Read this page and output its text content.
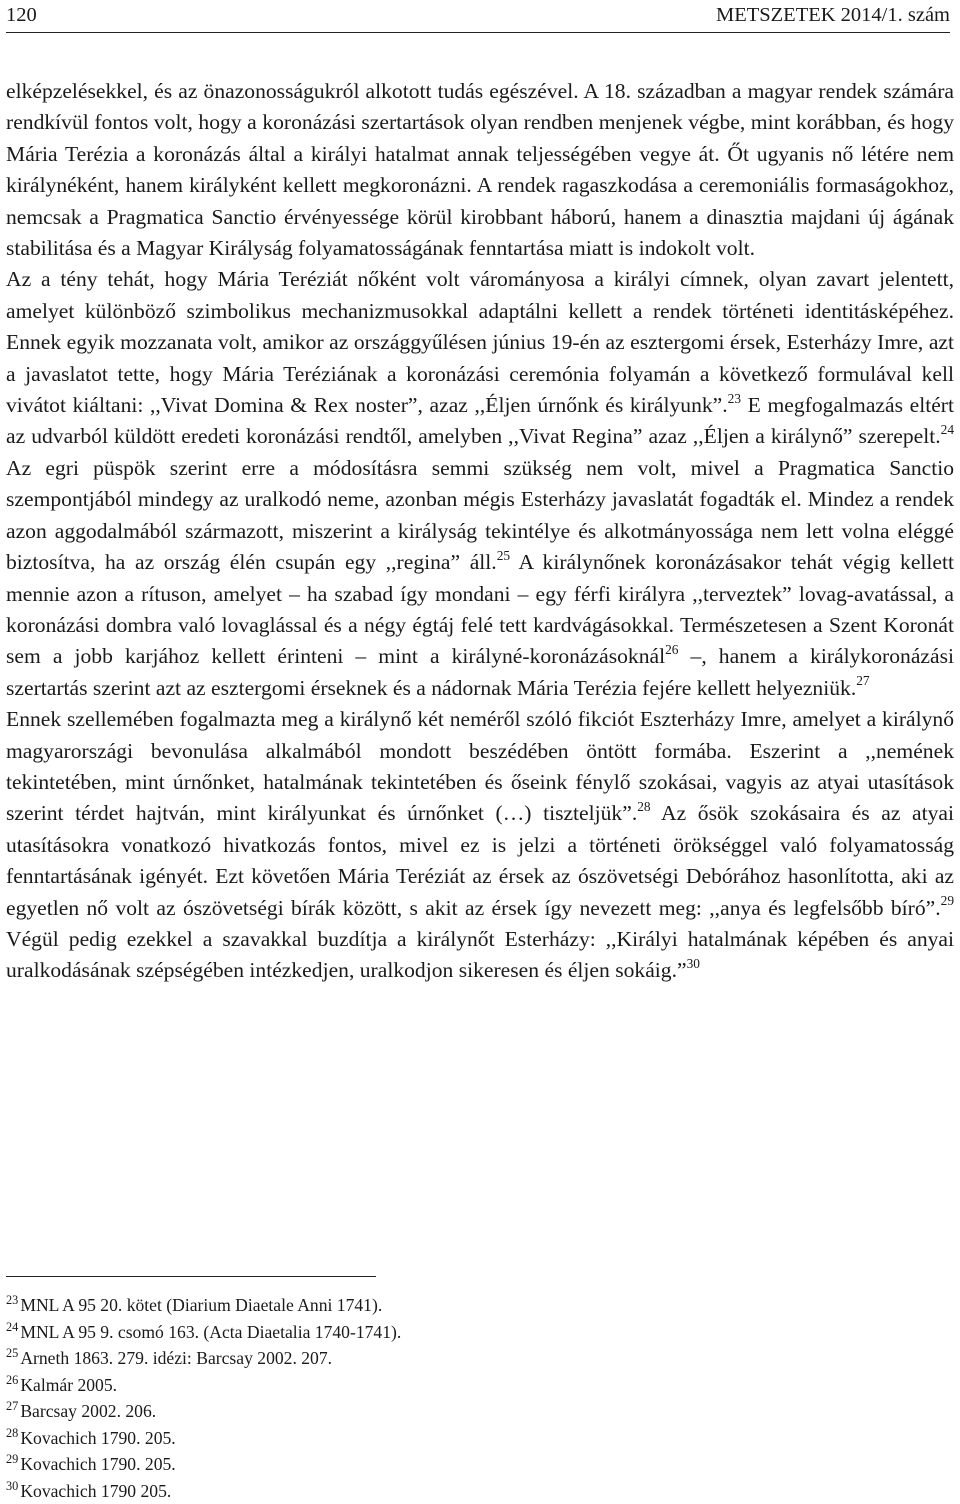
120	METSZETEK 2014/1. szám

elképzelésekkel, és az önazonosságukról alkotott tudás egészével. A 18. században a magyar rendek számára rendkívül fontos volt, hogy a koronázási szertartások olyan rendben menjenek végbe, mint korábban, és hogy Mária Terézia a koronázás által a királyi hatalmat annak teljességében vegye át. Őt ugyanis nő létére nem királynéként, hanem királyként kellett megkoronázni. A rendek ragaszkodása a ceremoniális formaságokhoz, nemcsak a Pragmatica Sanctio érvényessége körül kirobbant háború, hanem a dinasztia majdani új ágának stabilitása és a Magyar Királyság folyamatosságának fenntartása miatt is indokolt volt.

Az a tény tehát, hogy Mária Teréziát nőként volt várományosa a királyi címnek, olyan zavart jelentett, amelyet különböző szimbolikus mechanizmusokkal adaptálni kellett a rendek történeti identitásképéhez. Ennek egyik mozzanata volt, amikor az országgyűlésen június 19-én az esztergomi érsek, Esterházy Imre, azt a javaslatot tette, hogy Mária Teréziának a koronázási ceremónia folyamán a következő formulával kell vivátot kiáltani: ,,Vivat Domina & Rex noster”, azaz ,,Éljen úrnőnk és királyunk”.$^{23}$ E megfogalmazás eltért az udvarból küldött eredeti koronázási rendtől, amelyben ,,Vivat Regina” azaz ,,Éljen a királynő” szerepelt.$^{24}$ Az egri püspök szerint erre a módosításra semmi szükség nem volt, mivel a Pragmatica Sanctio szempontjából mindegy az uralkodó neme, azonban mégis Esterházy javaslatát fogadták el. Mindez a rendek azon aggodalmából származott, miszerint a királyság tekintélye és alkotmányossága nem lett volna eléggé biztosítva, ha az ország élén csupán egy ,,regina” áll.$^{25}$ A királynőnek koronázásakor tehát végig kellett mennie azon a rítuson, amelyet – ha szabad így mondani – egy férfi királyra ,,terveztek” lovag-avatással, a koronázási dombra való lovaglással és a négy égtáj felé tett kardvágásokkal. Természetesen a Szent Koronát sem a jobb karjához kellett érinteni – mint a királyné-koronázásoknál$^{26}$ –, hanem a királykoronázási szertartás szerint azt az esztergomi érseknek és a nádornak Mária Terézia fejére kellett helyezniük.$^{27}$

Ennek szellemében fogalmazta meg a királynő két neméről szóló fikciót Eszterházy Imre, amelyet a királynő magyarországi bevonulása alkalmából mondott beszédében öntött formába. Eszerint a ,,nemének tekintetében, mint úrnőnket, hatalmának tekintetében és őseink fénylő szokásai, vagyis az atyai utasítások szerint térdet hajtván, mint királyunkat és úrnőnket (…) tiszteljük”.$^{28}$ Az ősök szokásaira és az atyai utasításokra vonatkozó hivatkozás fontos, mivel ez is jelzi a történeti örökséggel való folyamatosság fenntartásának igényét. Ezt követően Mária Teréziát az érsek az ószövetségi Debórához hasonlította, aki az egyetlen nő volt az ószövetségi bírák között, s akit az érsek így nevezett meg: ,,anya és legfelsőbb bíró”.$^{29}$ Végül pedig ezekkel a szavakkal buzdítja a királynőt Esterházy: ,,Királyi hatalmának képében és anyai uralkodásának szépségében intézkedjen, uralkodjon sikeresen és éljen sokáig.”$^{30}$

$^{23}$ MNL A 95 20. kötet (Diarium Diaetale Anni 1741).
$^{24}$ MNL A 95 9. csomó 163. (Acta Diaetalia 1740-1741).
$^{25}$ Arneth 1863. 279. idézi: Barcsay 2002. 207.
$^{26}$ Kalmár 2005.
$^{27}$ Barcsay 2002. 206.
$^{28}$ Kovachich 1790. 205.
$^{29}$ Kovachich 1790. 205.
$^{30}$ Kovachich 1790 205.
